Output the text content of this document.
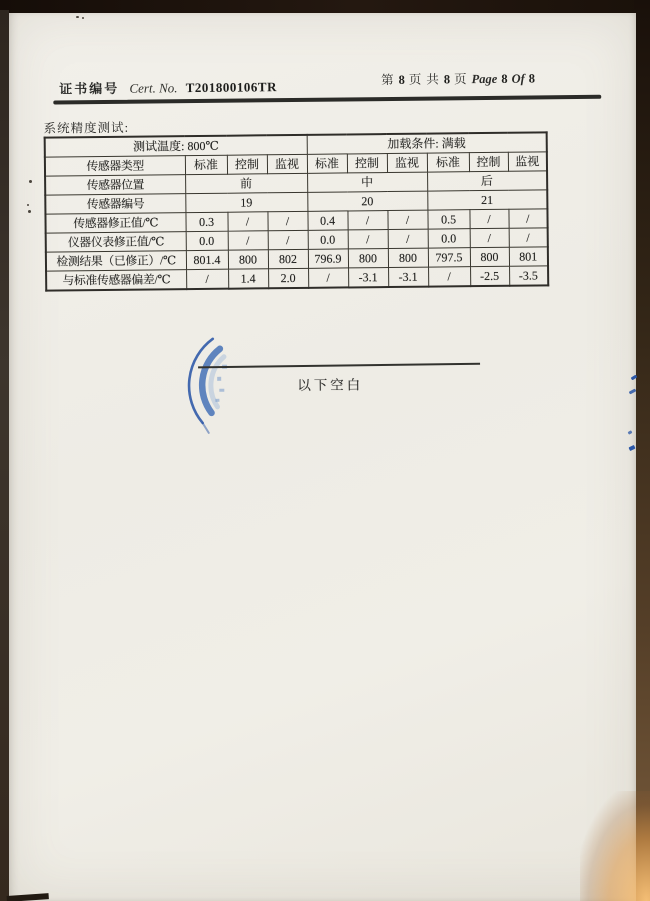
证书编号 Cert. No. T201800106TR	第 8 页 共 8 页 Page 8 Of 8
系统精度测试:
测试温度: 800℃				加载条件: 满载					
传感器类型	标准	控制	监视	标准	控制	监视	标准	控制	监视
传感器位置	前			中			后		
传感器编号	19			20			21		
传感器修正值/℃	0.3	/	/	0.4	/	/	0.5	/	/
仪器仪表修正值/℃	0.0	/	/	0.0	/	/	0.0	/	/
检测结果（已修正）/℃	801.4	800	802	796.9	800	800	797.5	800	801
与标准传感器偏差/℃	/	1.4	2.0	/	-3.1	-3.1	/	-2.5	-3.5
以下空白
